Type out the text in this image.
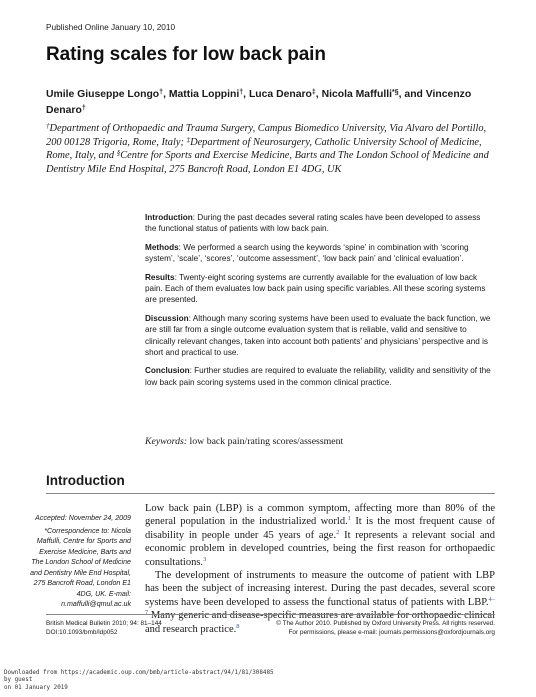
Published Online January 10, 2010
Rating scales for low back pain
Umile Giuseppe Longo†, Mattia Loppini†, Luca Denaro‡, Nicola Maffulli*§, and Vincenzo Denaro†
†Department of Orthopaedic and Trauma Surgery, Campus Biomedico University, Via Alvaro del Portillo, 200 00128 Trigoria, Rome, Italy; ‡Department of Neurosurgery, Catholic University School of Medicine, Rome, Italy, and §Centre for Sports and Exercise Medicine, Barts and The London School of Medicine and Dentistry Mile End Hospital, 275 Bancroft Road, London E1 4DG, UK

Introduction: During the past decades several rating scales have been developed to assess the functional status of patients with low back pain.

Methods: We performed a search using the keywords ‘spine’ in combination with ‘scoring system’, ‘scale’, ‘scores’, ‘outcome assessment’, ‘low back pain’ and ‘clinical evaluation’.

Results: Twenty-eight scoring systems are currently available for the evaluation of low back pain. Each of them evaluates low back pain using specific variables. All these scoring systems are presented.

Discussion: Although many scoring systems have been used to evaluate the back function, we are still far from a single outcome evaluation system that is reliable, valid and sensitive to clinically relevant changes, taken into account both patients’ and physicians’ perspective and is short and practical to use.

Conclusion: Further studies are required to evaluate the reliability, validity and sensitivity of the low back pain scoring systems used in the common clinical practice.

Keywords: low back pain/rating scores/assessment
Introduction

Accepted: November 24, 2009

*Correspondence to: Nicola Maffulli, Centre for Sports and Exercise Medicine, Barts and The London School of Medicine and Dentistry Mile End Hospital, 275 Bancroft Road, London E1 4DG, UK. E-mail: n.maffulli@qmul.ac.uk

Low back pain (LBP) is a common symptom, affecting more than 80% of the general population in the industrialized world.$^1$ It is the most frequent cause of disability in people under 45 years of age.$^2$ It represents a relevant social and economic problem in developed countries, being the first reason for orthopaedic consultations.$^3$

The development of instruments to measure the outcome of patient with LBP has been the subject of increasing interest. During the past decades, several score systems have been developed to assess the functional status of patients with LBP.$^{4-7}$ Many generic and disease-specific measures are available for orthopaedic clinical and research practice.$^8$

British Medical Bulletin 2010; 94: 81–144
DOI:10.1093/bmb/ldp052
© The Author 2010. Published by Oxford University Press. All rights reserved.
For permissions, please e-mail: journals.permissions@oxfordjournals.org
Downloaded from https://academic.oup.com/bmb/article-abstract/94/1/81/308485
by guest
on 01 January 2019
